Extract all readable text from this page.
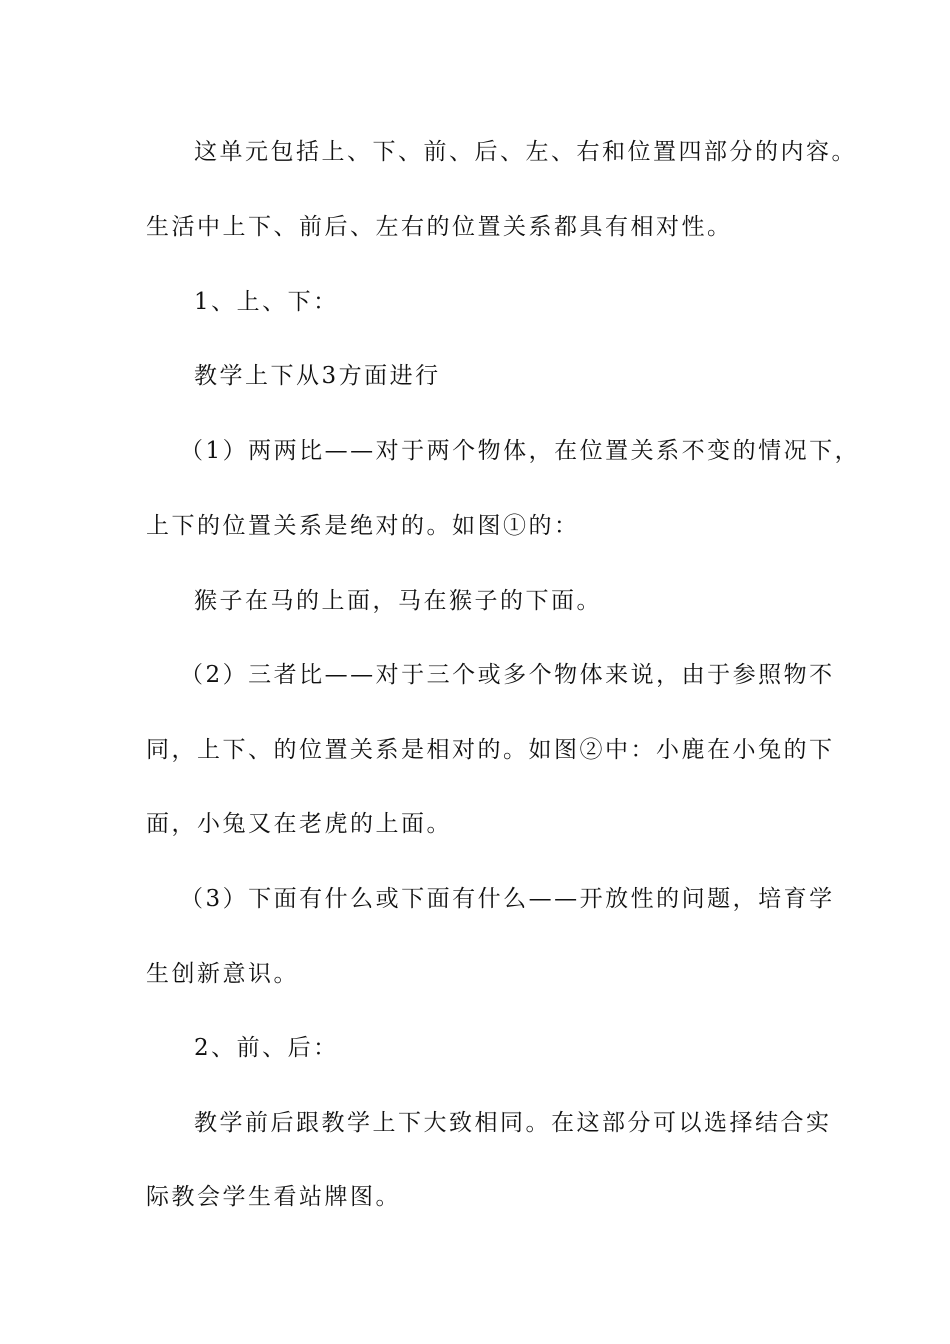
这单元包括上、下、前、后、左、右和位置四部分的内容。
生活中上下、前后、左右的位置关系都具有相对性。
1、上、下：
教学上下从3方面进行
（1）两两比——对于两个物体，在位置关系不变的情况下，
上下的位置关系是绝对的。如图①的：
猴子在马的上面，马在猴子的下面。
（2）三者比——对于三个或多个物体来说，由于参照物不
同，上下、的位置关系是相对的。如图②中：小鹿在小兔的下
面，小兔又在老虎的上面。
（3）下面有什么或下面有什么——开放性的问题，培育学
生创新意识。
2、前、后：
教学前后跟教学上下大致相同。在这部分可以选择结合实
际教会学生看站牌图。
